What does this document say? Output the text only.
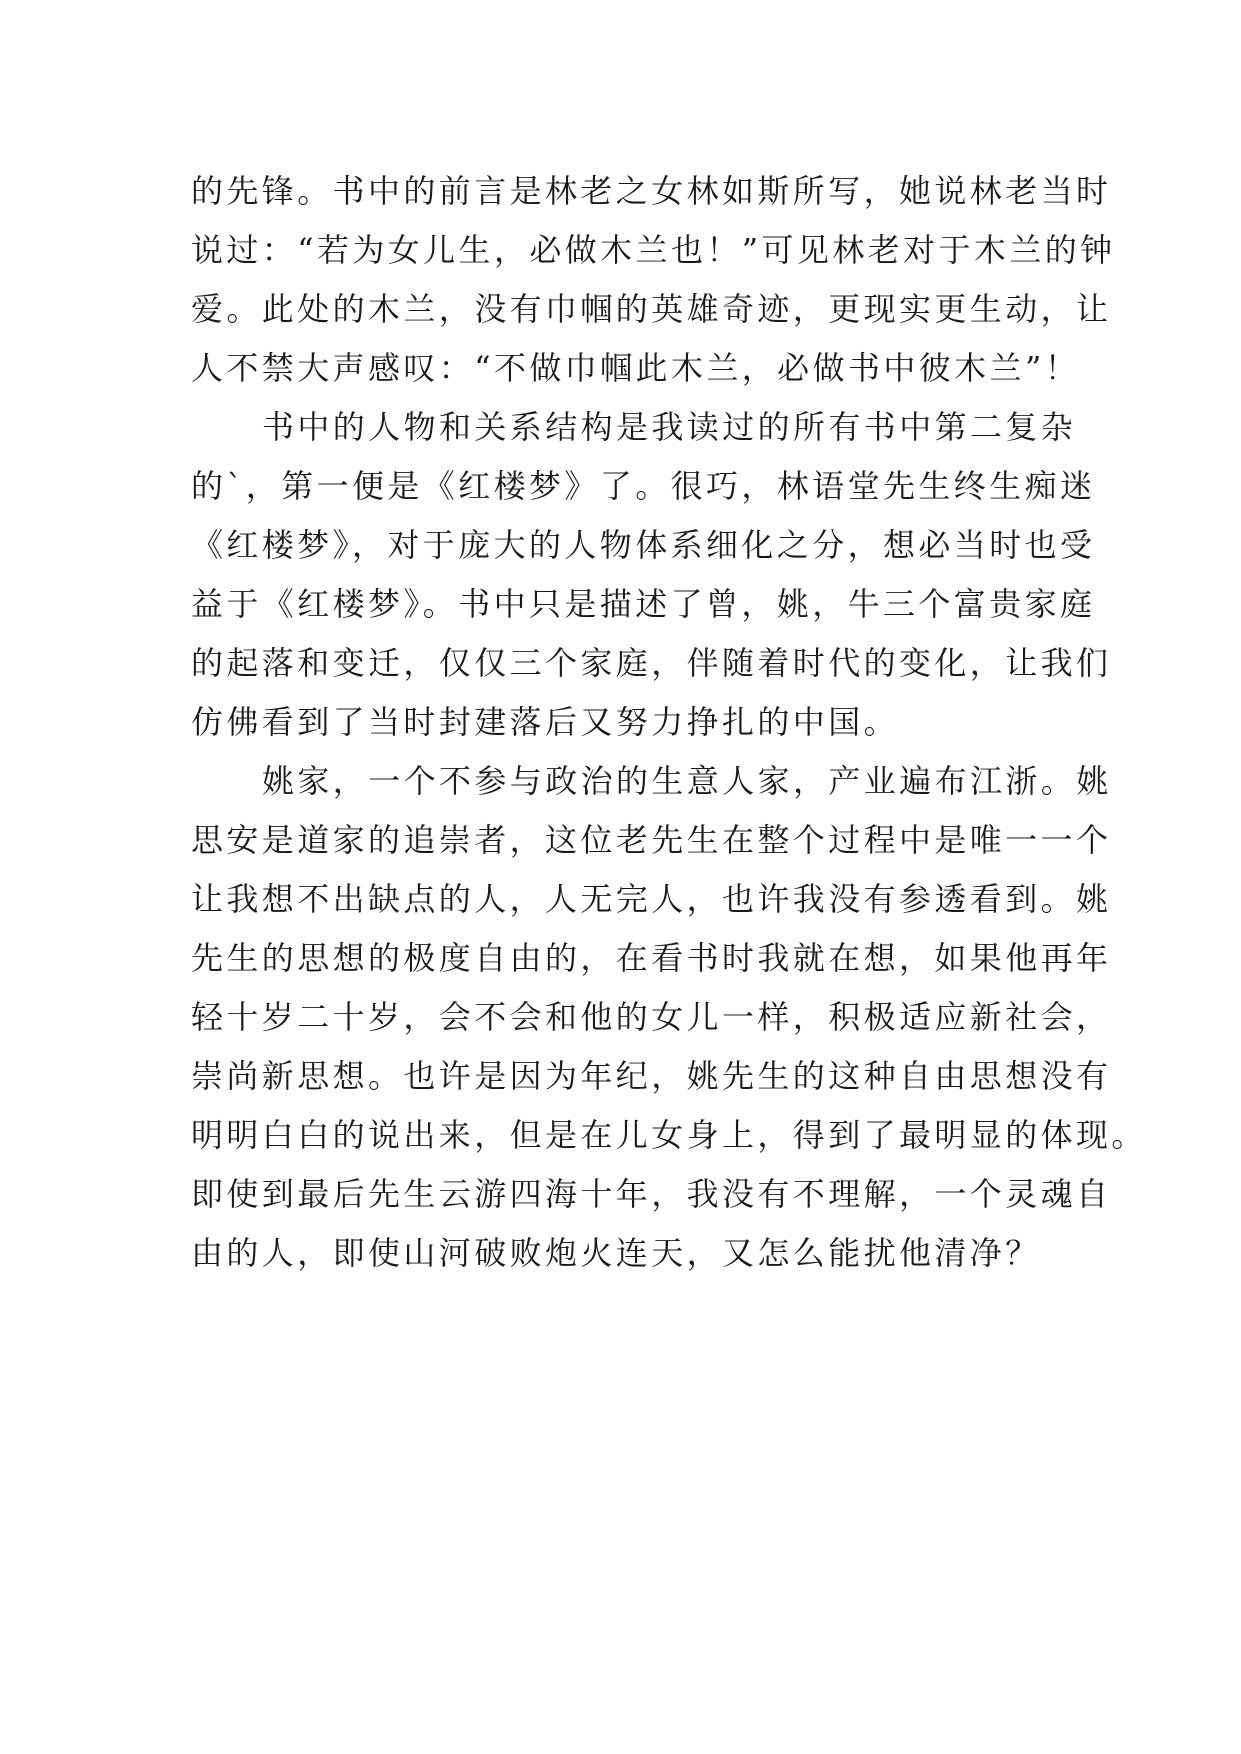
的先锋。书中的前言是林老之女林如斯所写，她说林老当时
说过：“若为女儿生，必做木兰也！”可见林老对于木兰的钟
爱。此处的木兰，没有巾帼的英雄奇迹，更现实更生动，让
人不禁大声感叹：“不做巾帼此木兰，必做书中彼木兰”！

书中的人物和关系结构是我读过的所有书中第二复杂
的`，第一便是《红楼梦》了。很巧，林语堂先生终生痴迷
《红楼梦》，对于庞大的人物体系细化之分，想必当时也受
益于《红楼梦》。书中只是描述了曾，姚，牛三个富贵家庭
的起落和变迁，仅仅三个家庭，伴随着时代的变化，让我们
仿佛看到了当时封建落后又努力挣扎的中国。

姚家，一个不参与政治的生意人家，产业遍布江浙。姚
思安是道家的追崇者，这位老先生在整个过程中是唯一一个
让我想不出缺点的人，人无完人，也许我没有参透看到。姚
先生的思想的极度自由的，在看书时我就在想，如果他再年
轻十岁二十岁，会不会和他的女儿一样，积极适应新社会，
崇尚新思想。也许是因为年纪，姚先生的这种自由思想没有
明明白白的说出来，但是在儿女身上，得到了最明显的体现。
即使到最后先生云游四海十年，我没有不理解，一个灵魂自
由的人，即使山河破败炮火连天，又怎么能扰他清净？
